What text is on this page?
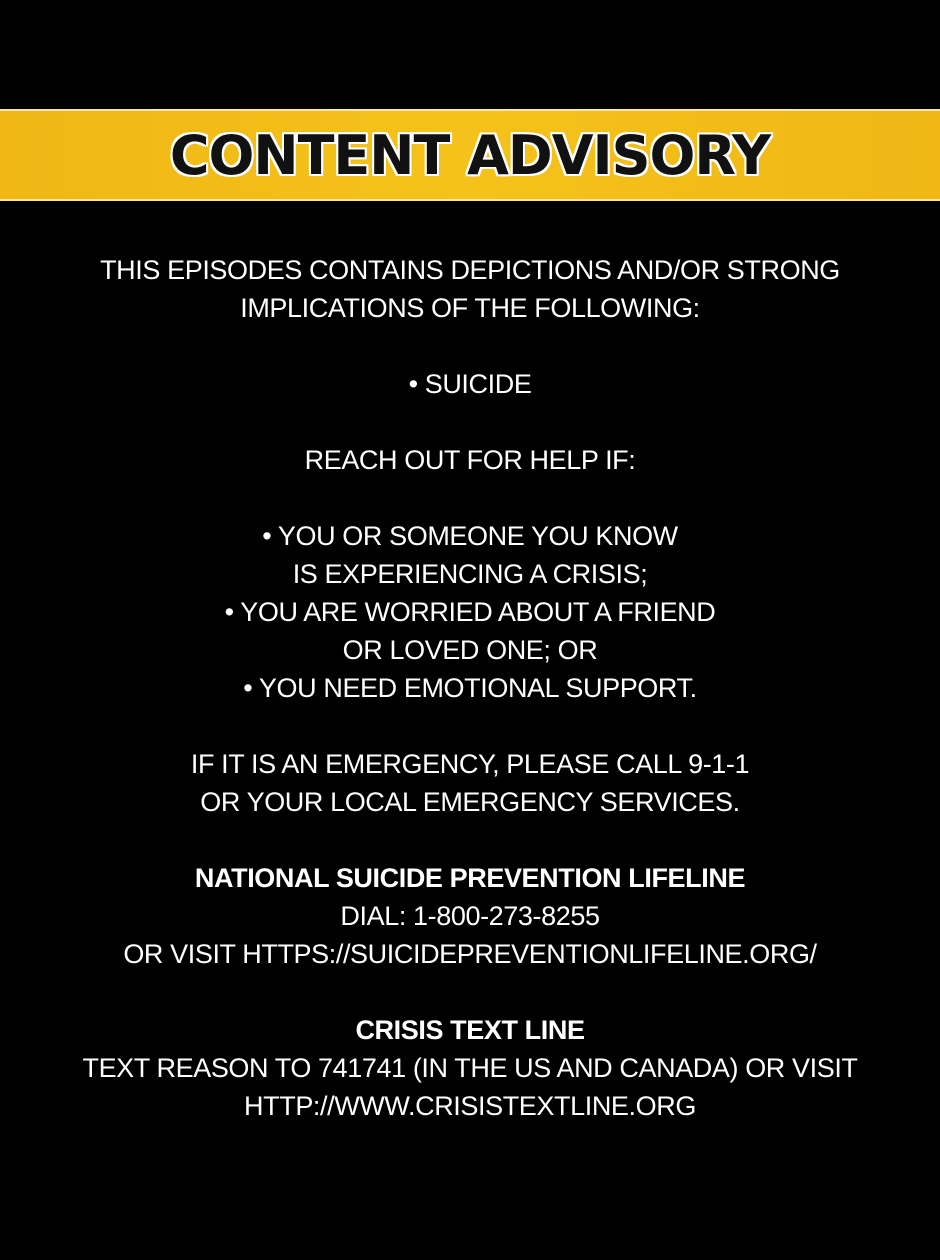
CONTENT ADVISORY
THIS EPISODES CONTAINS DEPICTIONS AND/OR STRONG
IMPLICATIONS OF THE FOLLOWING:
• SUICIDE
REACH OUT FOR HELP IF:
• YOU OR SOMEONE YOU KNOW
IS EXPERIENCING A CRISIS;
• YOU ARE WORRIED ABOUT A FRIEND
OR LOVED ONE; OR
• YOU NEED EMOTIONAL SUPPORT.
IF IT IS AN EMERGENCY, PLEASE CALL 9-1-1
OR YOUR LOCAL EMERGENCY SERVICES.
NATIONAL SUICIDE PREVENTION LIFELINE
DIAL: 1-800-273-8255
OR VISIT HTTPS://SUICIDEPREVENTIONLIFELINE.ORG/
CRISIS TEXT LINE
TEXT REASON TO 741741 (IN THE US AND CANADA) OR VISIT
HTTP://WWW.CRISISTEXTLINE.ORG
